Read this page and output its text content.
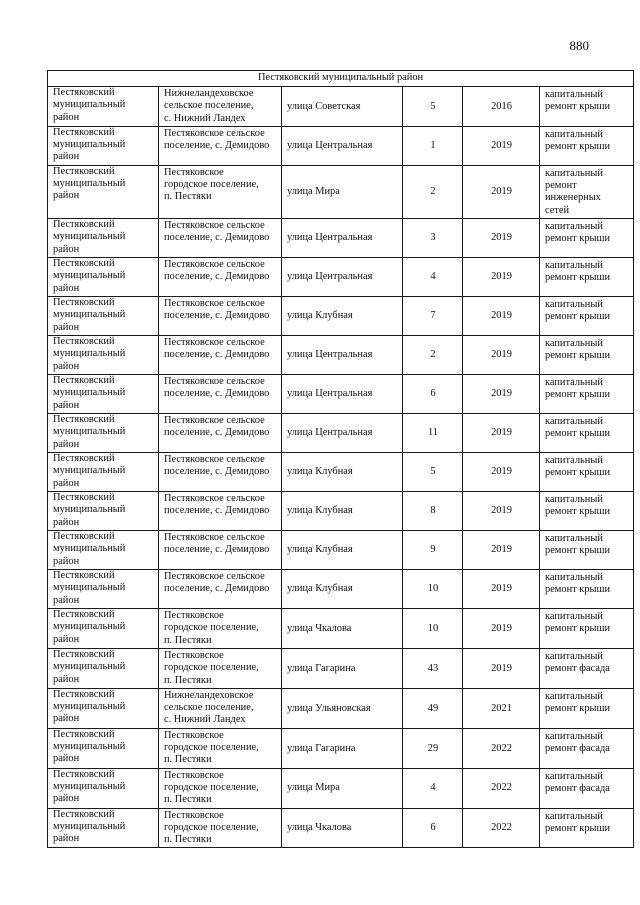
880
Пестяковский муниципальный район					
Пестяковский
муниципальный
район	Нижнеландеховское
сельское поселение,
с. Нижний Ландех	улица Советская	5	2016	капитальный
ремонт крыши
Пестяковский
муниципальный
район	Пестяковское сельское
поселение, с. Демидово	улица Центральная	1	2019	капитальный
ремонт крыши
Пестяковский
муниципальный
район	Пестяковское
городское поселение,
п. Пестяки	улица Мира	2	2019	капитальный
ремонт
инженерных
сетей
Пестяковский
муниципальный
район	Пестяковское сельское
поселение, с. Демидово	улица Центральная	3	2019	капитальный
ремонт крыши
Пестяковский
муниципальный
район	Пестяковское сельское
поселение, с. Демидово	улица Центральная	4	2019	капитальный
ремонт крыши
Пестяковский
муниципальный
район	Пестяковское сельское
поселение, с. Демидово	улица Клубная	7	2019	капитальный
ремонт крыши
Пестяковский
муниципальный
район	Пестяковское сельское
поселение, с. Демидово	улица Центральная	2	2019	капитальный
ремонт крыши
Пестяковский
муниципальный
район	Пестяковское сельское
поселение, с. Демидово	улица Центральная	6	2019	капитальный
ремонт крыши
Пестяковский
муниципальный
район	Пестяковское сельское
поселение, с. Демидово	улица Центральная	11	2019	капитальный
ремонт крыши
Пестяковский
муниципальный
район	Пестяковское сельское
поселение, с. Демидово	улица Клубная	5	2019	капитальный
ремонт крыши
Пестяковский
муниципальный
район	Пестяковское сельское
поселение, с. Демидово	улица Клубная	8	2019	капитальный
ремонт крыши
Пестяковский
муниципальный
район	Пестяковское сельское
поселение, с. Демидово	улица Клубная	9	2019	капитальный
ремонт крыши
Пестяковский
муниципальный
район	Пестяковское сельское
поселение, с. Демидово	улица Клубная	10	2019	капитальный
ремонт крыши
Пестяковский
муниципальный
район	Пестяковское
городское поселение,
п. Пестяки	улица Чкалова	10	2019	капитальный
ремонт крыши
Пестяковский
муниципальный
район	Пестяковское
городское поселение,
п. Пестяки	улица Гагарина	43	2019	капитальный
ремонт фасада
Пестяковский
муниципальный
район	Нижнеландеховское
сельское поселение,
с. Нижний Ландех	улица Ульяновская	49	2021	капитальный
ремонт крыши
Пестяковский
муниципальный
район	Пестяковское
городское поселение,
п. Пестяки	улица Гагарина	29	2022	капитальный
ремонт фасада
Пестяковский
муниципальный
район	Пестяковское
городское поселение,
п. Пестяки	улица Мира	4	2022	капитальный
ремонт фасада
Пестяковский
муниципальный
район	Пестяковское
городское поселение,
п. Пестяки	улица Чкалова	6	2022	капитальный
ремонт крыши
